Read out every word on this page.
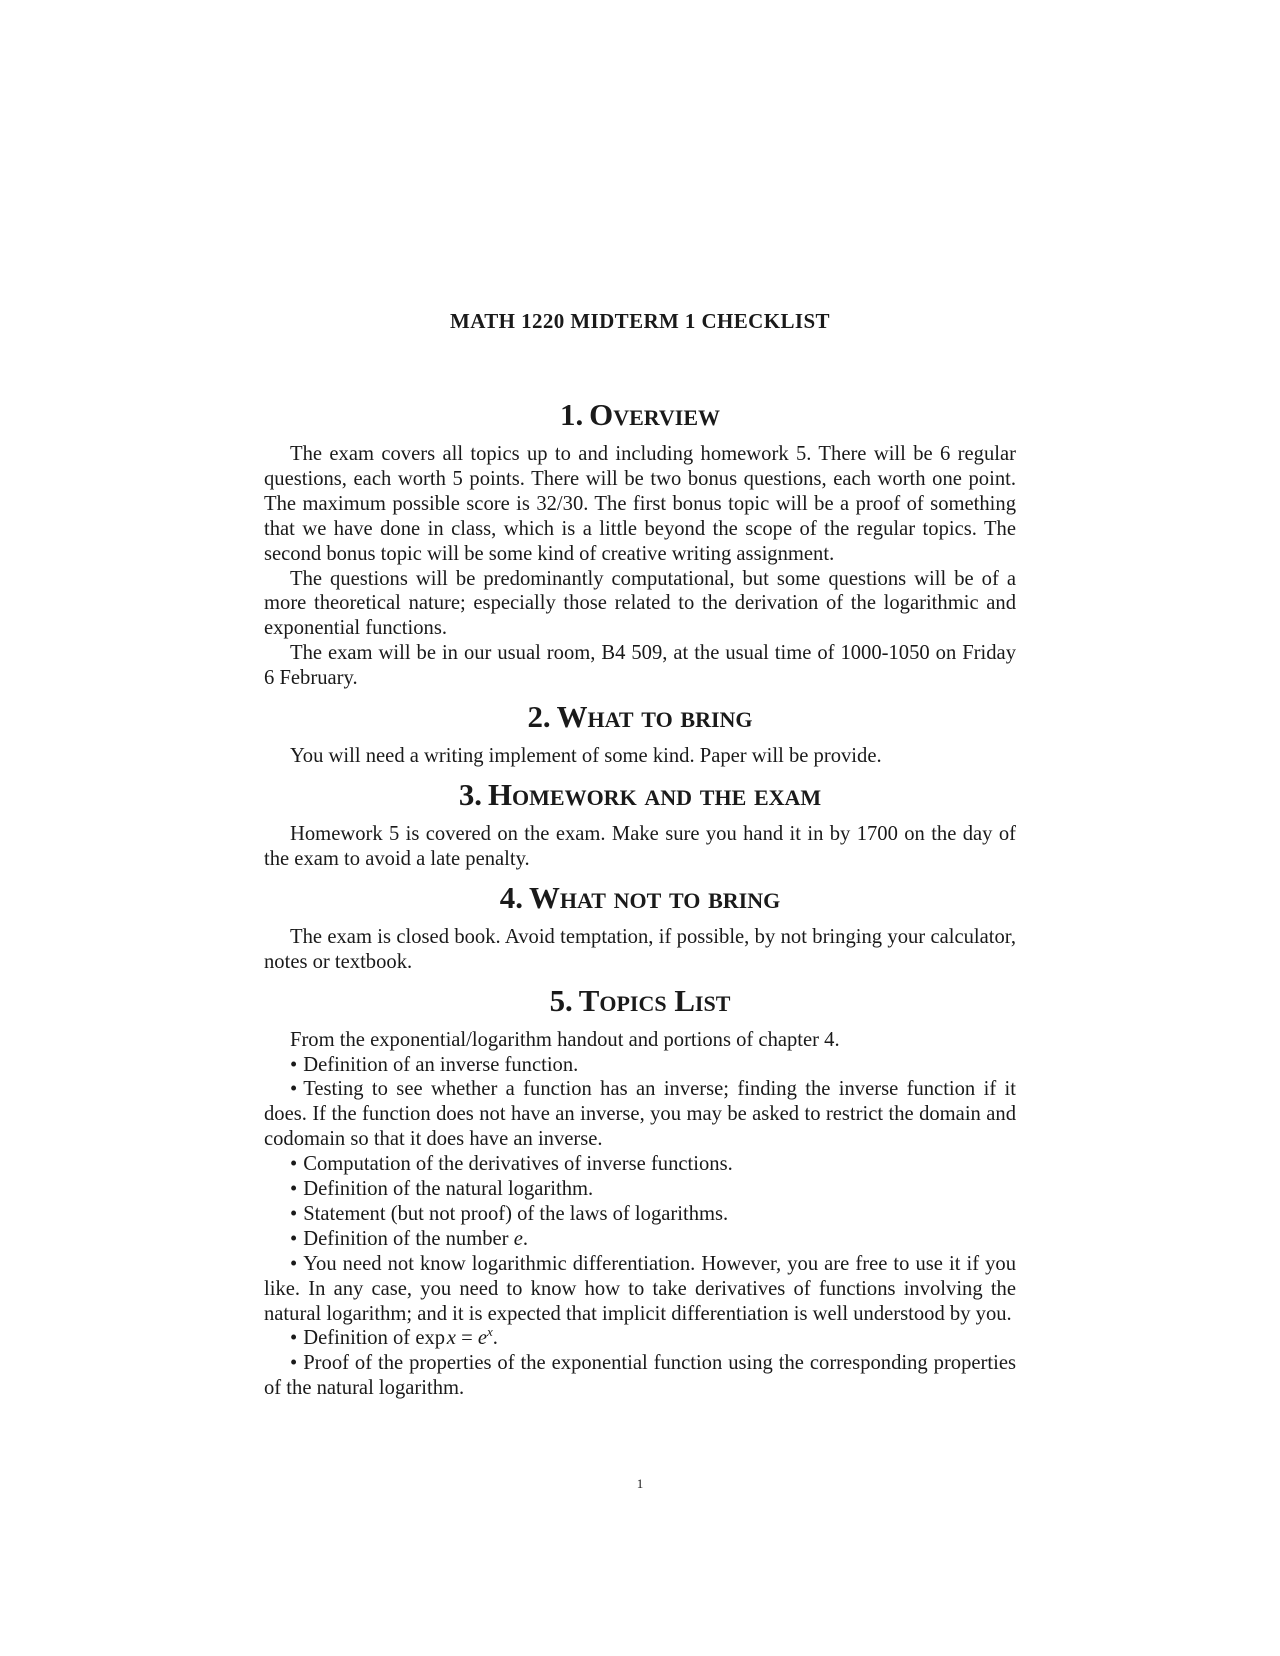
MATH 1220 MIDTERM 1 CHECKLIST
1. Overview

The exam covers all topics up to and including homework 5. There will be 6 regular questions, each worth 5 points. There will be two bonus questions, each worth one point. The maximum possible score is 32/30. The first bonus topic will be a proof of something that we have done in class, which is a little beyond the scope of the regular topics. The second bonus topic will be some kind of creative writing assignment.

The questions will be predominantly computational, but some questions will be of a more theoretical nature; especially those related to the derivation of the logarithmic and exponential functions.

The exam will be in our usual room, B4 509, at the usual time of 1000-1050 on Friday 6 February.

2. What to bring

You will need a writing implement of some kind. Paper will be provide.

3. Homework and the exam

Homework 5 is covered on the exam. Make sure you hand it in by 1700 on the day of the exam to avoid a late penalty.

4. What not to bring

The exam is closed book. Avoid temptation, if possible, by not bringing your calculator, notes or textbook.

5. Topics List

From the exponential/logarithm handout and portions of chapter 4.

• Definition of an inverse function.
• Testing to see whether a function has an inverse; finding the inverse function if it does. If the function does not have an inverse, you may be asked to restrict the domain and codomain so that it does have an inverse.
• Computation of the derivatives of inverse functions.
• Definition of the natural logarithm.
• Statement (but not proof) of the laws of logarithms.
• Definition of the number e.
• You need not know logarithmic differentiation. However, you are free to use it if you like. In any case, you need to know how to take derivatives of functions involving the natural logarithm; and it is expected that implicit differentiation is well understood by you.
• Definition of exp $x = e^x$.
• Proof of the properties of the exponential function using the corresponding properties of the natural logarithm.
1
